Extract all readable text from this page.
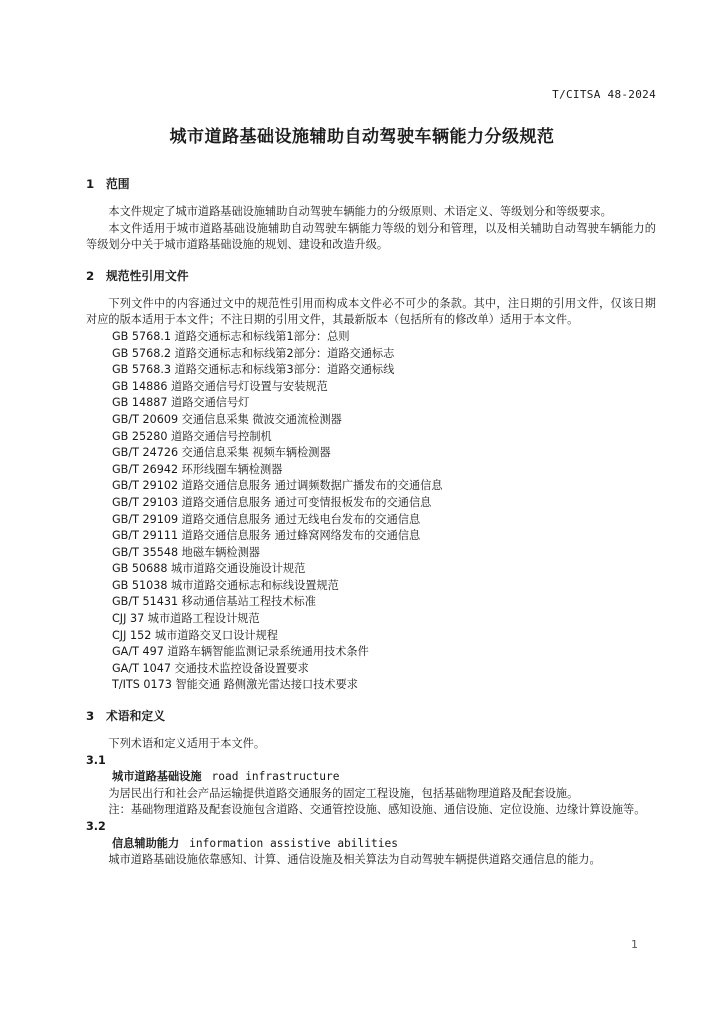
T/CITSA 48-2024
城市道路基础设施辅助自动驾驶车辆能力分级规范
1 范围

本文件规定了城市道路基础设施辅助自动驾驶车辆能力的分级原则、术语定义、等级划分和等级要求。

本文件适用于城市道路基础设施辅助自动驾驶车辆能力等级的划分和管理，以及相关辅助自动驾驶车辆能力的等级划分中关于城市道路基础设施的规划、建设和改造升级。

2 规范性引用文件

下列文件中的内容通过文中的规范性引用而构成本文件必不可少的条款。其中，注日期的引用文件，仅该日期对应的版本适用于本文件；不注日期的引用文件，其最新版本（包括所有的修改单）适用于本文件。

GB 5768.1 道路交通标志和标线第1部分：总则

GB 5768.2 道路交通标志和标线第2部分：道路交通标志

GB 5768.3 道路交通标志和标线第3部分：道路交通标线

GB 14886 道路交通信号灯设置与安装规范

GB 14887 道路交通信号灯

GB/T 20609 交通信息采集 微波交通流检测器

GB 25280 道路交通信号控制机

GB/T 24726 交通信息采集 视频车辆检测器

GB/T 26942 环形线圈车辆检测器

GB/T 29102 道路交通信息服务 通过调频数据广播发布的交通信息

GB/T 29103 道路交通信息服务 通过可变情报板发布的交通信息

GB/T 29109 道路交通信息服务 通过无线电台发布的交通信息

GB/T 29111 道路交通信息服务 通过蜂窝网络发布的交通信息

GB/T 35548 地磁车辆检测器

GB 50688 城市道路交通设施设计规范

GB 51038 城市道路交通标志和标线设置规范

GB/T 51431 移动通信基站工程技术标准

CJJ 37 城市道路工程设计规范

CJJ 152 城市道路交叉口设计规程

GA/T 497 道路车辆智能监测记录系统通用技术条件

GA/T 1047 交通技术监控设备设置要求

T/ITS 0173 智能交通 路侧激光雷达接口技术要求

3 术语和定义

下列术语和定义适用于本文件。

3.1

城市道路基础设施 road infrastructure

为居民出行和社会产品运输提供道路交通服务的固定工程设施，包括基础物理道路及配套设施。

注：基础物理道路及配套设施包含道路、交通管控设施、感知设施、通信设施、定位设施、边缘计算设施等。

3.2

信息辅助能力 information assistive abilities

城市道路基础设施依靠感知、计算、通信设施及相关算法为自动驾驶车辆提供道路交通信息的能力。

1
